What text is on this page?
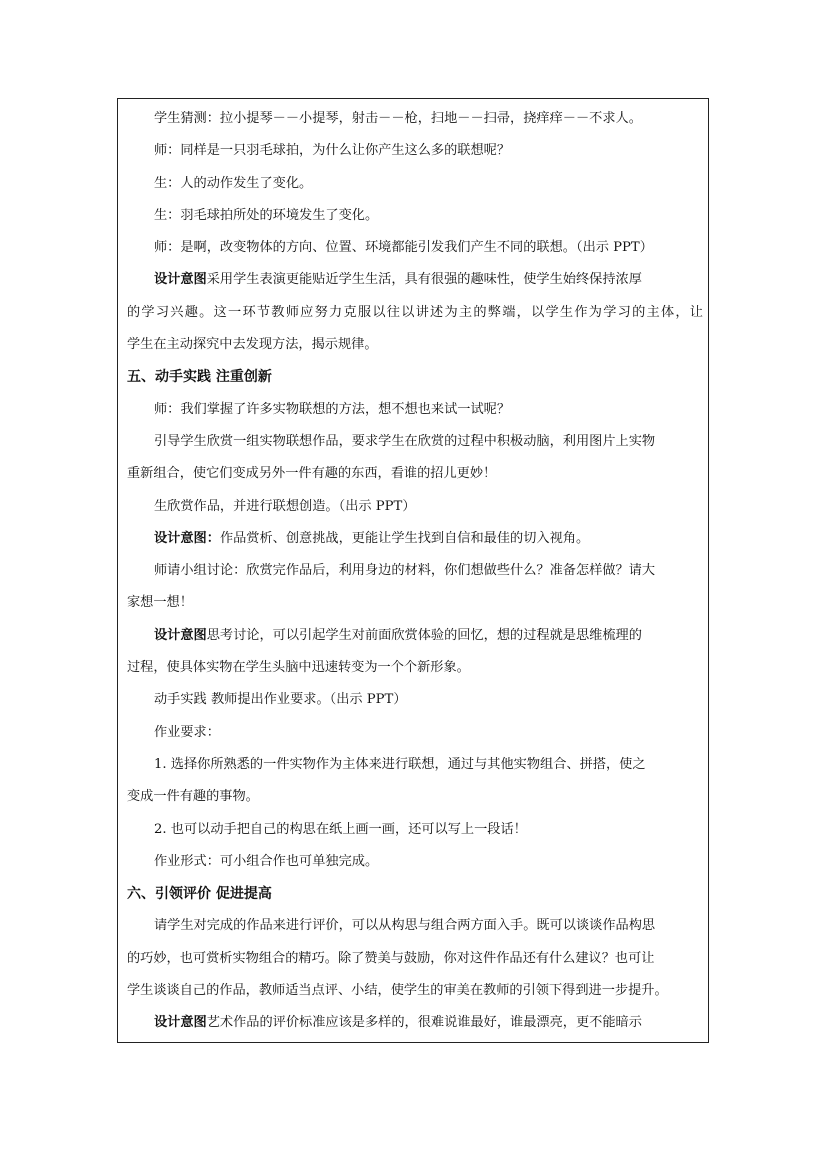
学生猜测：拉小提琴－－小提琴，射击－－枪，扫地－－扫帚，挠痒痒－－不求人。
师：同样是一只羽毛球拍，为什么让你产生这么多的联想呢？
生：人的动作发生了变化。
生：羽毛球拍所处的环境发生了变化。
师：是啊，改变物体的方向、位置、环境都能引发我们产生不同的联想。（出示 PPT）
设计意图采用学生表演更能贴近学生生活，具有很强的趣味性，使学生始终保持浓厚
的学习兴趣。这一环节教师应努力克服以往以讲述为主的弊端，以学生作为学习的主体，让
学生在主动探究中去发现方法，揭示规律。
五、动手实践 注重创新
师：我们掌握了许多实物联想的方法，想不想也来试一试呢？
引导学生欣赏一组实物联想作品，要求学生在欣赏的过程中积极动脑，利用图片上实物
重新组合，使它们变成另外一件有趣的东西，看谁的招儿更妙！
生欣赏作品，并进行联想创造。（出示 PPT）
设计意图：作品赏析、创意挑战，更能让学生找到自信和最佳的切入视角。
师请小组讨论：欣赏完作品后，利用身边的材料，你们想做些什么？准备怎样做？请大
家想一想！
设计意图思考讨论，可以引起学生对前面欣赏体验的回忆，想的过程就是思维梳理的
过程，使具体实物在学生头脑中迅速转变为一个个新形象。
动手实践 教师提出作业要求。（出示 PPT）
作业要求：
1. 选择你所熟悉的一件实物作为主体来进行联想，通过与其他实物组合、拼搭，使之
变成一件有趣的事物。
2. 也可以动手把自己的构思在纸上画一画，还可以写上一段话！
作业形式：可小组合作也可单独完成。
六、引领评价 促进提高
请学生对完成的作品来进行评价，可以从构思与组合两方面入手。既可以谈谈作品构思
的巧妙，也可赏析实物组合的精巧。除了赞美与鼓励，你对这件作品还有什么建议？也可让
学生谈谈自己的作品，教师适当点评、小结，使学生的审美在教师的引领下得到进一步提升。
设计意图艺术作品的评价标准应该是多样的，很难说谁最好，谁最漂亮，更不能暗示
